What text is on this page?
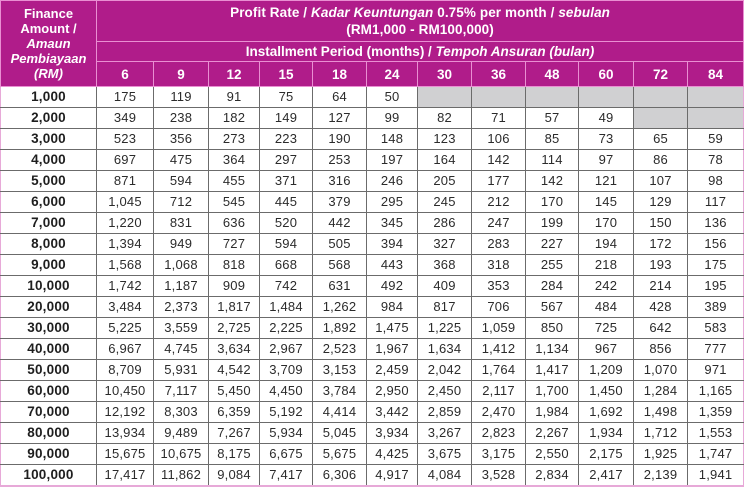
Finance
Amount /
Amaun
Pembiayaan
(RM)	Profit Rate / Kadar Keuntungan 0.75% per month / sebulan
(RM1,000 - RM100,000)											
	Installment Period (months) / Tempoh Ansuran (bulan)											
	6	9	12	15	18	24	30	36	48	60	72	84
1,000	175	119	91	75	64	50						
2,000	349	238	182	149	127	99	82	71	57	49		
3,000	523	356	273	223	190	148	123	106	85	73	65	59
4,000	697	475	364	297	253	197	164	142	114	97	86	78
5,000	871	594	455	371	316	246	205	177	142	121	107	98
6,000	1,045	712	545	445	379	295	245	212	170	145	129	117
7,000	1,220	831	636	520	442	345	286	247	199	170	150	136
8,000	1,394	949	727	594	505	394	327	283	227	194	172	156
9,000	1,568	1,068	818	668	568	443	368	318	255	218	193	175
10,000	1,742	1,187	909	742	631	492	409	353	284	242	214	195
20,000	3,484	2,373	1,817	1,484	1,262	984	817	706	567	484	428	389
30,000	5,225	3,559	2,725	2,225	1,892	1,475	1,225	1,059	850	725	642	583
40,000	6,967	4,745	3,634	2,967	2,523	1,967	1,634	1,412	1,134	967	856	777
50,000	8,709	5,931	4,542	3,709	3,153	2,459	2,042	1,764	1,417	1,209	1,070	971
60,000	10,450	7,117	5,450	4,450	3,784	2,950	2,450	2,117	1,700	1,450	1,284	1,165
70,000	12,192	8,303	6,359	5,192	4,414	3,442	2,859	2,470	1,984	1,692	1,498	1,359
80,000	13,934	9,489	7,267	5,934	5,045	3,934	3,267	2,823	2,267	1,934	1,712	1,553
90,000	15,675	10,675	8,175	6,675	5,675	4,425	3,675	3,175	2,550	2,175	1,925	1,747
100,000	17,417	11,862	9,084	7,417	6,306	4,917	4,084	3,528	2,834	2,417	2,139	1,941
